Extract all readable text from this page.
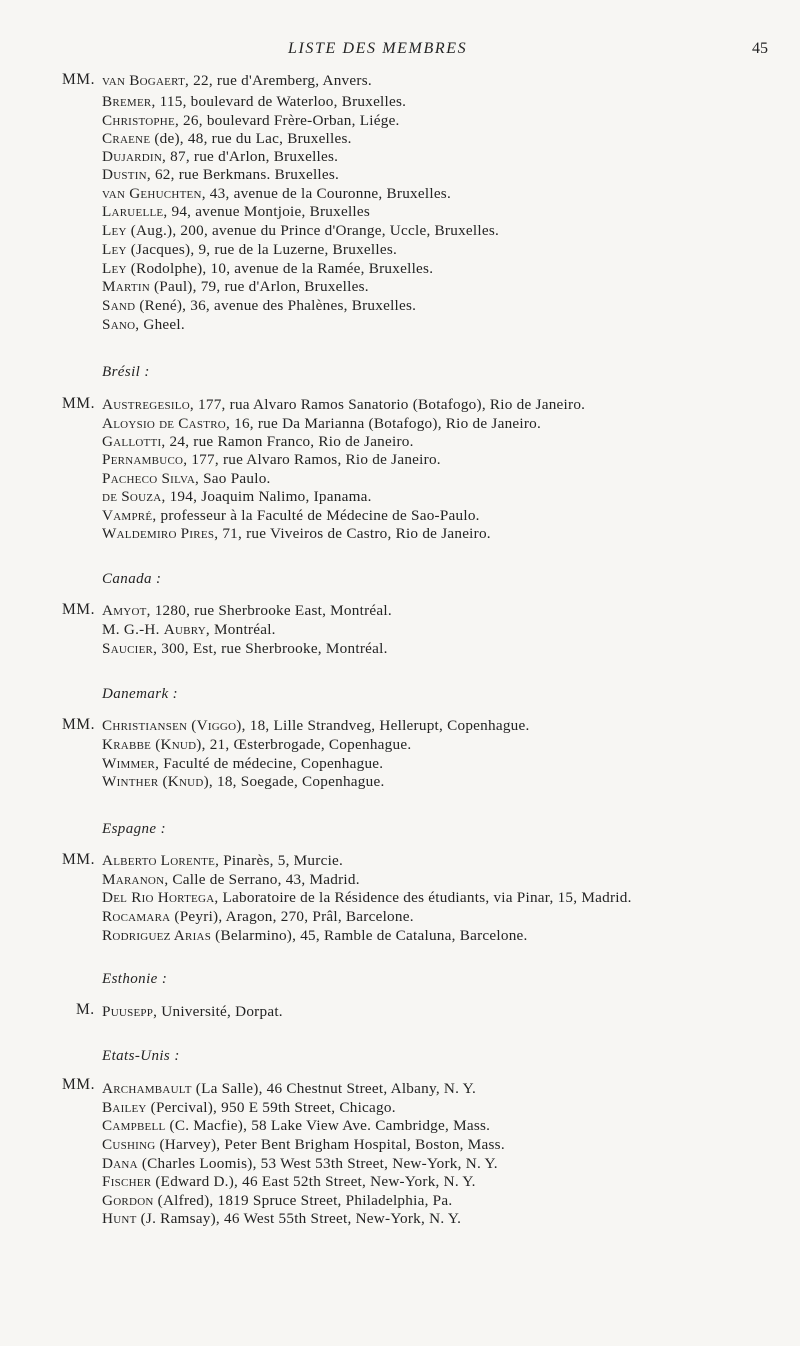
LISTE DES MEMBRES	45
MM. van Bogaert, 22, rue d'Aremberg, Anvers.
Bremer, 115, boulevard de Waterloo, Bruxelles.
Christophe, 26, boulevard Frère-Orban, Liége.
Craene (de), 48, rue du Lac, Bruxelles.
Dujardin, 87, rue d'Arlon, Bruxelles.
Dustin, 62, rue Berkmans. Bruxelles.
van Gehuchten, 43, avenue de la Couronne, Bruxelles.
Laruelle, 94, avenue Montjoie, Bruxelles
Ley (Aug.), 200, avenue du Prince d'Orange, Uccle, Bruxelles.
Ley (Jacques), 9, rue de la Luzerne, Bruxelles.
Ley (Rodolphe), 10, avenue de la Ramée, Bruxelles.
Martin (Paul), 79, rue d'Arlon, Bruxelles.
Sand (René), 36, avenue des Phalènes, Bruxelles.
Sano, Gheel.
Brésil :
MM. Austregesilo, 177, rua Alvaro Ramos Sanatorio (Botafogo), Rio de Janeiro.
Aloysio de Castro, 16, rue Da Marianna (Botafogo), Rio de Janeiro.
Gallotti, 24, rue Ramon Franco, Rio de Janeiro.
Pernambuco, 177, rue Alvaro Ramos, Rio de Janeiro.
Pacheco Silva, Sao Paulo.
de Souza, 194, Joaquim Nalimo, Ipanama.
Vampré, professeur à la Faculté de Médecine de Sao-Paulo.
Waldemiro Pires, 71, rue Viveiros de Castro, Rio de Janeiro.
Canada :
MM. Amyot, 1280, rue Sherbrooke East, Montréal.
M. G.-H. Aubry, Montréal.
Saucier, 300, Est, rue Sherbrooke, Montréal.
Danemark :
MM. Christiansen (Viggo), 18, Lille Strandveg, Hellerupt, Copenhague.
Krabbe (Knud), 21, Œsterbrogade, Copenhague.
Wimmer, Faculté de médecine, Copenhague.
Winther (Knud), 18, Soegade, Copenhague.
Espagne :
MM. Alberto Lorente, Pinarès, 5, Murcie.
Maranon, Calle de Serrano, 43, Madrid.
Del Rio Hortega, Laboratoire de la Résidence des étudiants, via Pinar, 15, Madrid.
Rocamara (Peyri), Aragon, 270, Prâl, Barcelone.
Rodriguez Arias (Belarmino), 45, Ramble de Cataluna, Barcelone.
Esthonie :
M. Puusepp, Université, Dorpat.
Etats-Unis :
MM. Archambault (La Salle), 46 Chestnut Street, Albany, N. Y.
Bailey (Percival), 950 E 59th Street, Chicago.
Campbell (C. Macfie), 58 Lake View Ave. Cambridge, Mass.
Cushing (Harvey), Peter Bent Brigham Hospital, Boston, Mass.
Dana (Charles Loomis), 53 West 53th Street, New-York, N. Y.
Fischer (Edward D.), 46 East 52th Street, New-York, N. Y.
Gordon (Alfred), 1819 Spruce Street, Philadelphia, Pa.
Hunt (J. Ramsay), 46 West 55th Street, New-York, N. Y.
